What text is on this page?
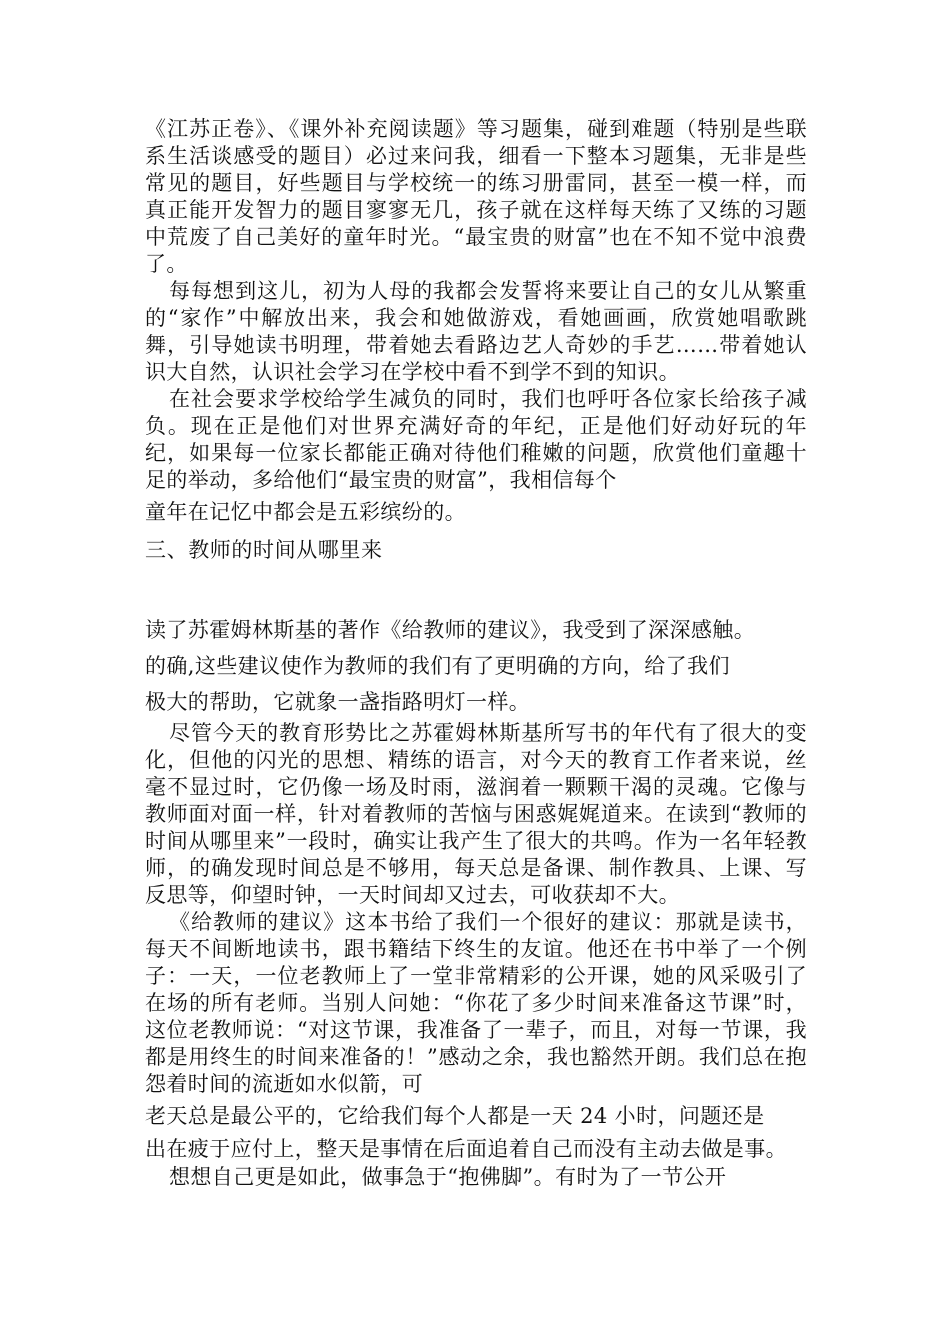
《江苏正卷》、《课外补充阅读题》等习题集，碰到难题（特别是些联系生活谈感受的题目）必过来问我，细看一下整本习题集，无非是些常见的题目，好些题目与学校统一的练习册雷同，甚至一模一样，而真正能开发智力的题目寥寥无几，孩子就在这样每天练了又练的习题中荒废了自己美好的童年时光。“最宝贵的财富”也在不知不觉中浪费了。

每每想到这儿，初为人母的我都会发誓将来要让自己的女儿从繁重的“家作”中解放出来，我会和她做游戏，看她画画，欣赏她唱歌跳舞，引导她读书明理，带着她去看路边艺人奇妙的手艺……带着她认识大自然，认识社会学习在学校中看不到学不到的知识。

在社会要求学校给学生减负的同时，我们也呼吁各位家长给孩子减负。现在正是他们对世界充满好奇的年纪，正是他们好动好玩的年纪，如果每一位家长都能正确对待他们稚嫩的问题，欣赏他们童趣十足的举动，多给他们“最宝贵的财富”，我相信每个

童年在记忆中都会是五彩缤纷的。

三、教师的时间从哪里来

读了苏霍姆林斯基的著作《给教师的建议》，我受到了深深感触。

的确,这些建议使作为教师的我们有了更明确的方向，给了我们

极大的帮助，它就象一盏指路明灯一样。

尽管今天的教育形势比之苏霍姆林斯基所写书的年代有了很大的变化，但他的闪光的思想、精练的语言，对今天的教育工作者来说，丝毫不显过时，它仍像一场及时雨，滋润着一颗颗干渴的灵魂。它像与教师面对面一样，针对着教师的苦恼与困惑娓娓道来。在读到“教师的时间从哪里来”一段时，确实让我产生了很大的共鸣。作为一名年轻教师，的确发现时间总是不够用，每天总是备课、制作教具、上课、写反思等，仰望时钟，一天时间却又过去，可收获却不大。

《给教师的建议》这本书给了我们一个很好的建议：那就是读书，每天不间断地读书，跟书籍结下终生的友谊。他还在书中举了一个例子：一天，一位老教师上了一堂非常精彩的公开课，她的风采吸引了在场的所有老师。当别人问她：“你花了多少时间来准备这节课”时，这位老教师说：“对这节课，我准备了一辈子，而且，对每一节课，我都是用终生的时间来准备的！”感动之余，我也豁然开朗。我们总在抱怨着时间的流逝如水似箭，可

老天总是最公平的，它给我们每个人都是一天 24 小时，问题还是

出在疲于应付上，整天是事情在后面追着自己而没有主动去做是事。

想想自己更是如此，做事急于“抱佛脚”。有时为了一节公开
